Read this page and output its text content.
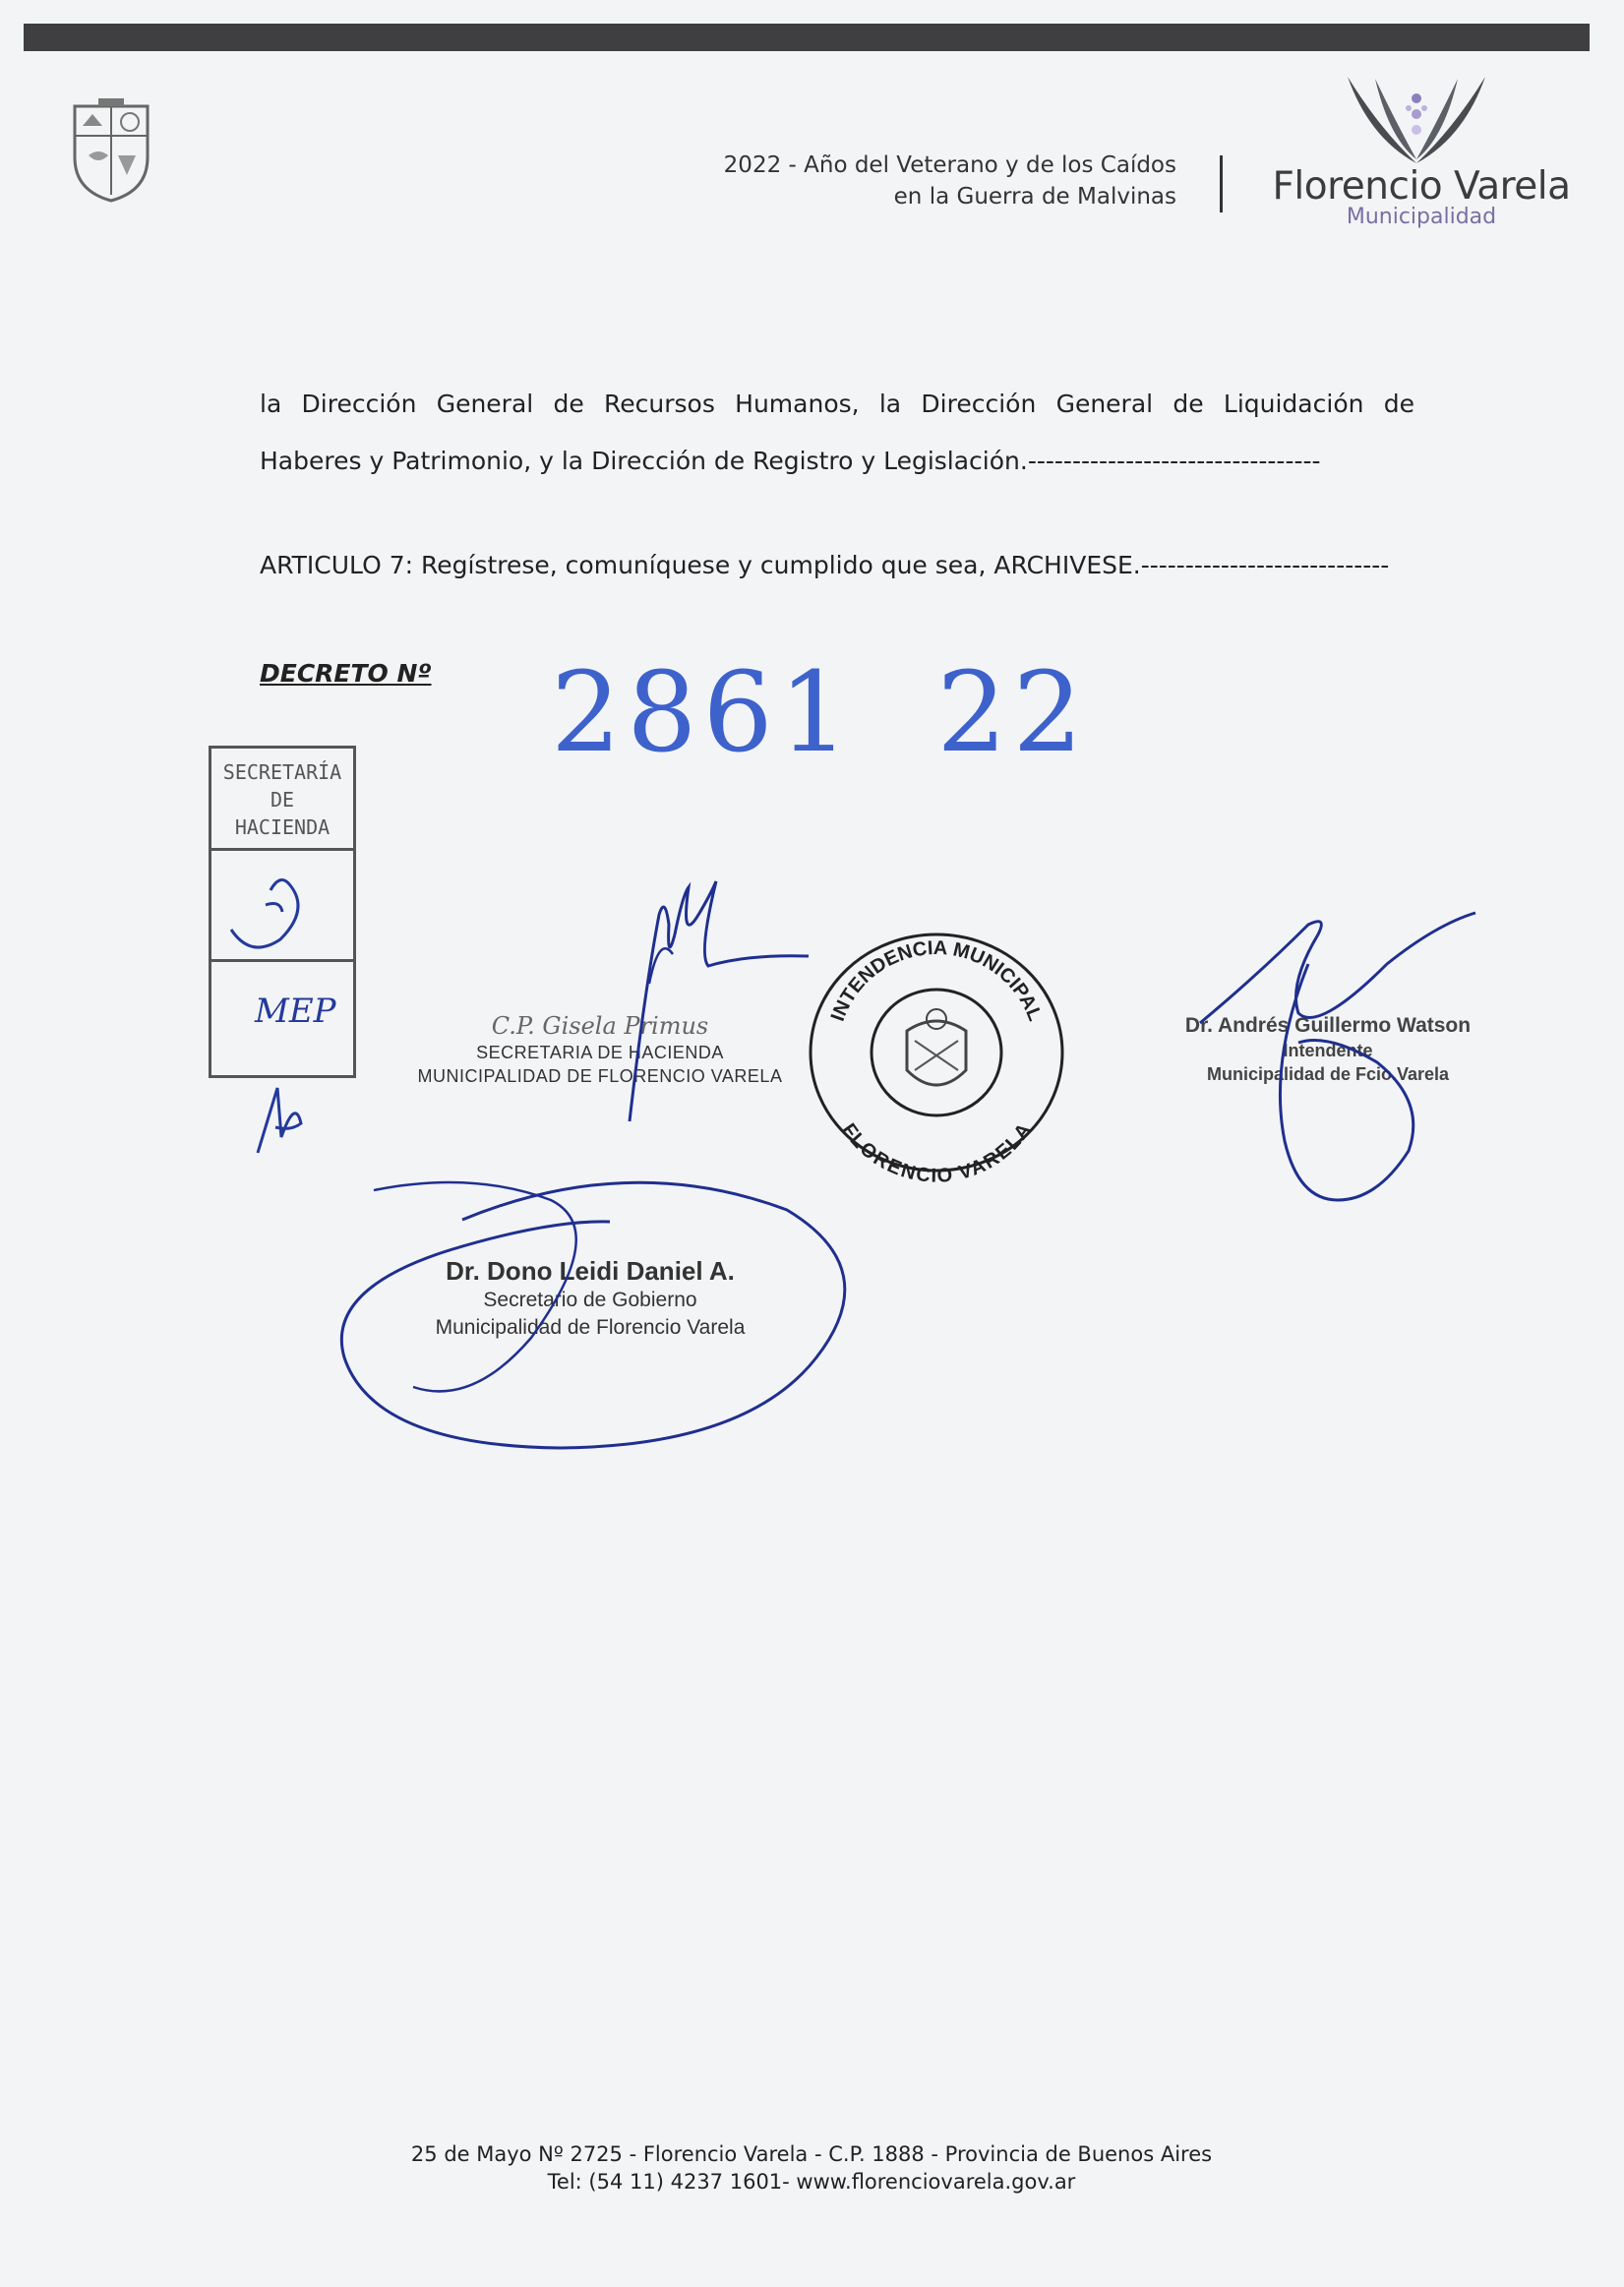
2022 - Año del Veterano y de los Caídos
en la Guerra de Malvinas	Florencio Varela
Municipalidad
la Dirección General de Recursos Humanos, la Dirección General de Liquidación de
Haberes y Patrimonio, y la Dirección de Registro y Legislación.---------------------------------
ARTICULO 7: Regístrese, comuníquese y cumplido que sea, ARCHIVESE.----------------------------
DECRETO Nº 2861  22
SECRETARÍA
DE
HACIENDA
MEP	C.P. Gisela Primus
SECRETARIA DE HACIENDA
MUNICIPALIDAD DE FLORENCIO VARELA
INTENDENCIA MUNICIPAL
FLORENCIO VARELA
Dr. Andrés Guillermo Watson
Intendente
Municipalidad de Fcio.Varela
Dr. Dono Leidi Daniel A.
Secretario de Gobierno
Municipalidad de Florencio Varela
25 de Mayo Nº 2725 - Florencio Varela - C.P. 1888 - Provincia de Buenos Aires
Tel: (54 11) 4237 1601- www.florenciovarela.gov.ar
